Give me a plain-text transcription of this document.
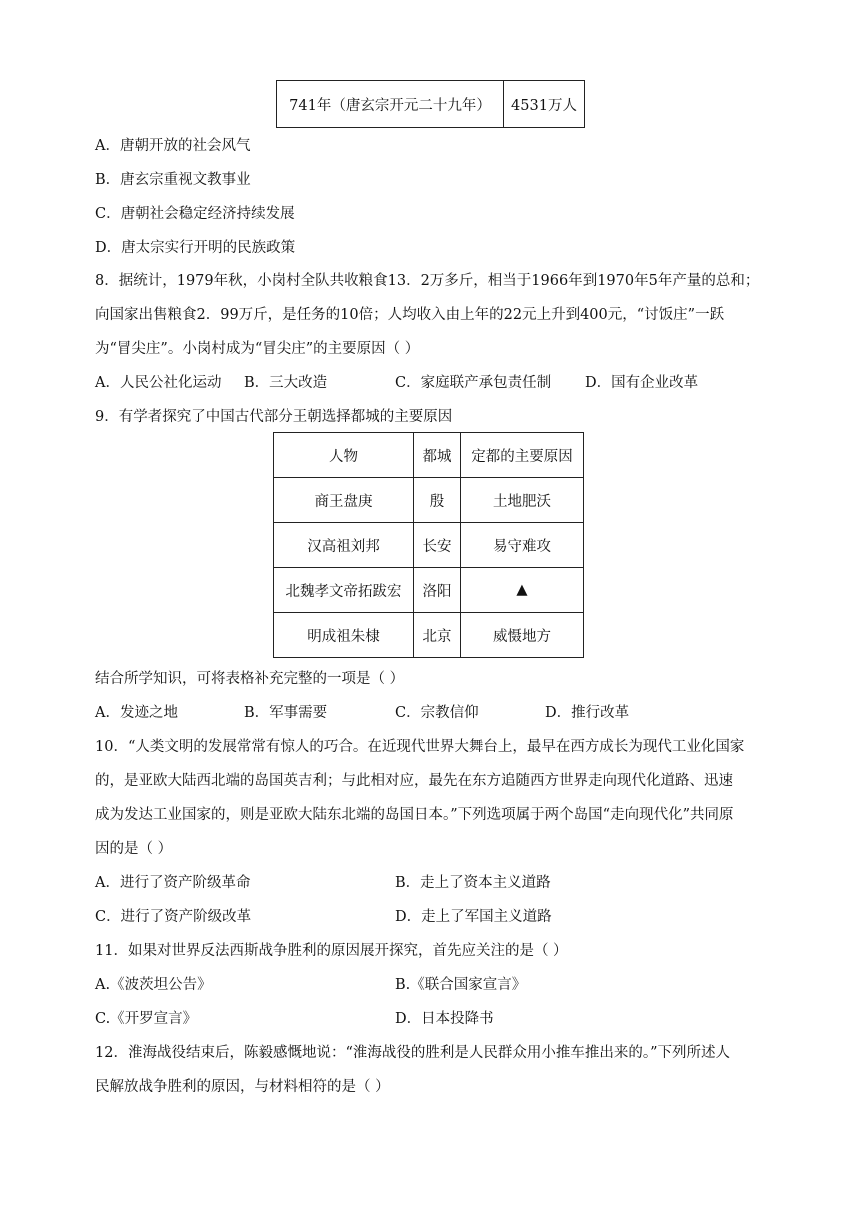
741年（唐玄宗开元二十九年）	4531万人
A．唐朝开放的社会风气
B．唐玄宗重视文教事业
C．唐朝社会稳定经济持续发展
D．唐太宗实行开明的民族政策
8．据统计，1979年秋，小岗村全队共收粮食13．2万多斤，相当于1966年到1970年5年产量的总和；
向国家出售粮食2．99万斤，是任务的10倍；人均收入由上年的22元上升到400元，“讨饭庄”一跃
为“冒尖庄”。小岗村成为“冒尖庄”的主要原因（ ）
A．人民公社化运动 B．三大改造	C．家庭联产承包责任制 D．国有企业改革
9．有学者探究了中国古代部分王朝选择都城的主要原因
人物	都城	定都的主要原因
商王盘庚	殷	土地肥沃
汉高祖刘邦	长安	易守难攻
北魏孝文帝拓跋宏	洛阳	▲
明成祖朱棣	北京	威慑地方
结合所学知识，可将表格补充完整的一项是（ ）
A．发迹之地	B．军事需要	C．宗教信仰	D．推行改革
10．“人类文明的发展常常有惊人的巧合。在近现代世界大舞台上，最早在西方成长为现代工业化国家
的，是亚欧大陆西北端的岛国英吉利；与此相对应，最先在东方追随西方世界走向现代化道路、迅速
成为发达工业国家的，则是亚欧大陆东北端的岛国日本。”下列选项属于两个岛国“走向现代化”共同原
因的是（ ）
A．进行了资产阶级革命	B．走上了资本主义道路
C．进行了资产阶级改革	D．走上了军国主义道路
11．如果对世界反法西斯战争胜利的原因展开探究，首先应关注的是（ ）
A.《波茨坦公告》	B.《联合国家宣言》
C.《开罗宣言》	D．日本投降书
12．淮海战役结束后，陈毅感慨地说：“淮海战役的胜利是人民群众用小推车推出来的。”下列所述人
民解放战争胜利的原因，与材料相符的是（ ）
